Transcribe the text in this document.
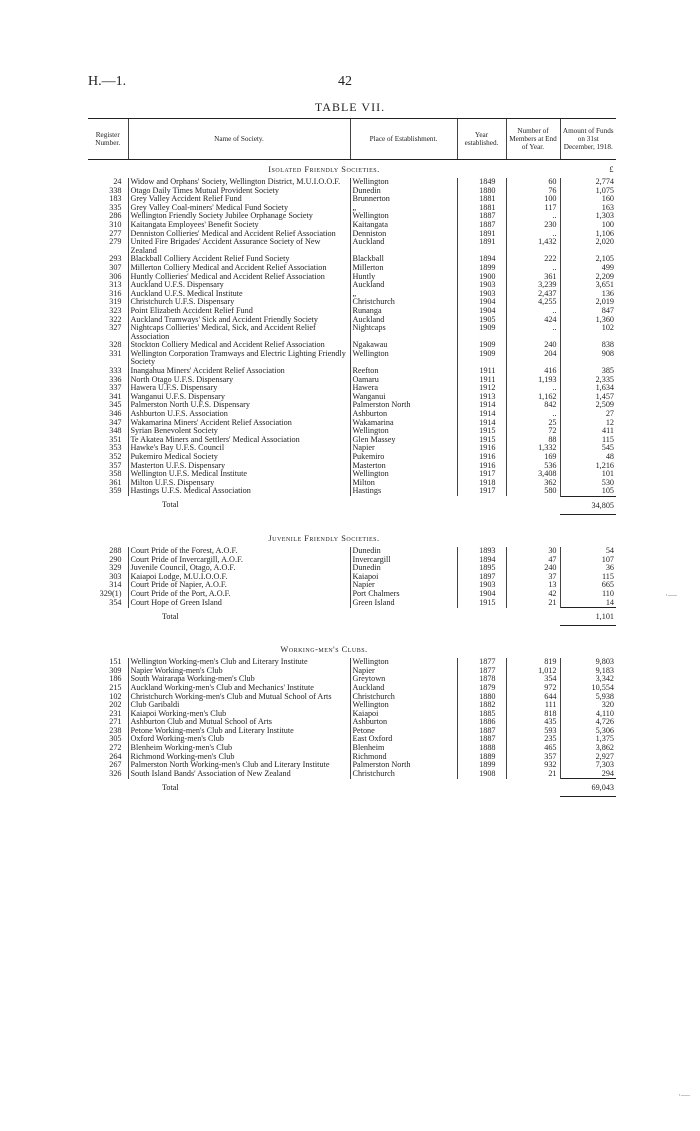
H.—1.	42
TABLE VII.
Register Number.	Name of Society.	Place of Establishment.	Year established.	Number of Members at End of Year.	Amount of Funds on 31st December, 1918.
Isolated Friendly Societies.					£
24	Widow and Orphans' Society, Wellington District, M.U.I.O.O.F.	Wellington	1849	60	2,774
338	Otago Daily Times Mutual Provident Society	Dunedin	1880	76	1,075
183	Grey Valley Accident Relief Fund	Brunnerton	1881	100	160
335	Grey Valley Coal-miners' Medical Fund Society	„	1881	117	163
286	Wellington Friendly Society Jubilee Orphanage Society	Wellington	1887	..	1,303
310	Kaitangata Employees' Benefit Society	Kaitangata	1887	230	100
277	Denniston Collieries' Medical and Accident Relief Association	Denniston	1891	..	1,106
279	United Fire Brigades' Accident Assurance Society of New Zealand	Auckland	1891	1,432	2,020
293	Blackball Colliery Accident Relief Fund Society	Blackball	1894	222	2,105
307	Millerton Colliery Medical and Accident Relief Association	Millerton	1899	..	499
306	Huntly Collieries' Medical and Accident Relief Association	Huntly	1900	361	2,209
313	Auckland U.F.S. Dispensary	Auckland	1903	3,239	3,651
316	Auckland U.F.S. Medical Institute	„	1903	2,437	136
319	Christchurch U.F.S. Dispensary	Christchurch	1904	4,255	2,019
323	Point Elizabeth Accident Relief Fund	Runanga	1904	..	847
322	Auckland Tramways' Sick and Accident Friendly Society	Auckland	1905	424	1,360
327	Nightcaps Collieries' Medical, Sick, and Accident Relief Association	Nightcaps	1909	..	102
328	Stockton Colliery Medical and Accident Relief Association	Ngakawau	1909	240	838
331	Wellington Corporation Tramways and Electric Lighting Friendly Society	Wellington	1909	204	908
333	Inangahua Miners' Accident Relief Association	Reefton	1911	416	385
336	North Otago U.F.S. Dispensary	Oamaru	1911	1,193	2,335
337	Hawera U.F.S. Dispensary	Hawera	1912	..	1,634
341	Wanganui U.F.S. Dispensary	Wanganui	1913	1,162	1,457
345	Palmerston North U.F.S. Dispensary	Palmerston North	1914	842	2,509
346	Ashburton U.F.S. Association	Ashburton	1914	..	27
347	Wakamarina Miners' Accident Relief Association	Wakamarina	1914	25	12
348	Syrian Benevolent Society	Wellington	1915	72	411
351	Te Akatea Miners and Settlers' Medical Association	Glen Massey	1915	88	115
353	Hawke's Bay U.F.S. Council	Napier	1916	1,332	545
352	Pukemiro Medical Society	Pukemiro	1916	169	48
357	Masterton U.F.S. Dispensary	Masterton	1916	536	1,216
358	Wellington U.F.S. Medical Institute	Wellington	1917	3,408	101
361	Milton U.F.S. Dispensary	Milton	1918	362	530
359	Hastings U.F.S. Medical Association	Hastings	1917	580	105
	Total				34,805

Juvenile Friendly Societies.					
288	Court Pride of the Forest, A.O.F.	Dunedin	1893	30	54
290	Court Pride of Invercargill, A.O.F.	Invercargill	1894	47	107
329	Juvenile Council, Otago, A.O.F.	Dunedin	1895	240	36
303	Kaiapoi Lodge, M.U.I.O.O.F.	Kaiapoi	1897	37	115
314	Court Pride of Napier, A.O.F.	Napier	1903	13	665
329(1)	Court Pride of the Port, A.O.F.	Port Chalmers	1904	42	110
354	Court Hope of Green Island	Green Island	1915	21	14
	Total				1,101

Working-men's Clubs.					
151	Wellington Working-men's Club and Literary Institute	Wellington	1877	819	9,803
309	Napier Working-men's Club	Napier	1877	1,012	9,183
186	South Wairarapa Working-men's Club	Greytown	1878	354	3,342
215	Auckland Working-men's Club and Mechanics' Institute	Auckland	1879	972	10,554
102	Christchurch Working-men's Club and Mutual School of Arts	Christchurch	1880	644	5,938
202	Club Garibaldi	Wellington	1882	111	320
231	Kaiapoi Working-men's Club	Kaiapoi	1885	818	4,110
271	Ashburton Club and Mutual School of Arts	Ashburton	1886	435	4,726
238	Petone Working-men's Club and Literary Institute	Petone	1887	593	5,306
305	Oxford Working-men's Club	East Oxford	1887	235	1,375
272	Blenheim Working-men's Club	Blenheim	1888	465	3,862
264	Richmond Working-men's Club	Richmond	1889	357	2,927
267	Palmerston North Working-men's Club and Literary Institute	Palmerston North	1899	932	7,303
326	South Island Bands' Association of New Zealand	Christchurch	1908	21	294
	Total				69,043
·—
·—
